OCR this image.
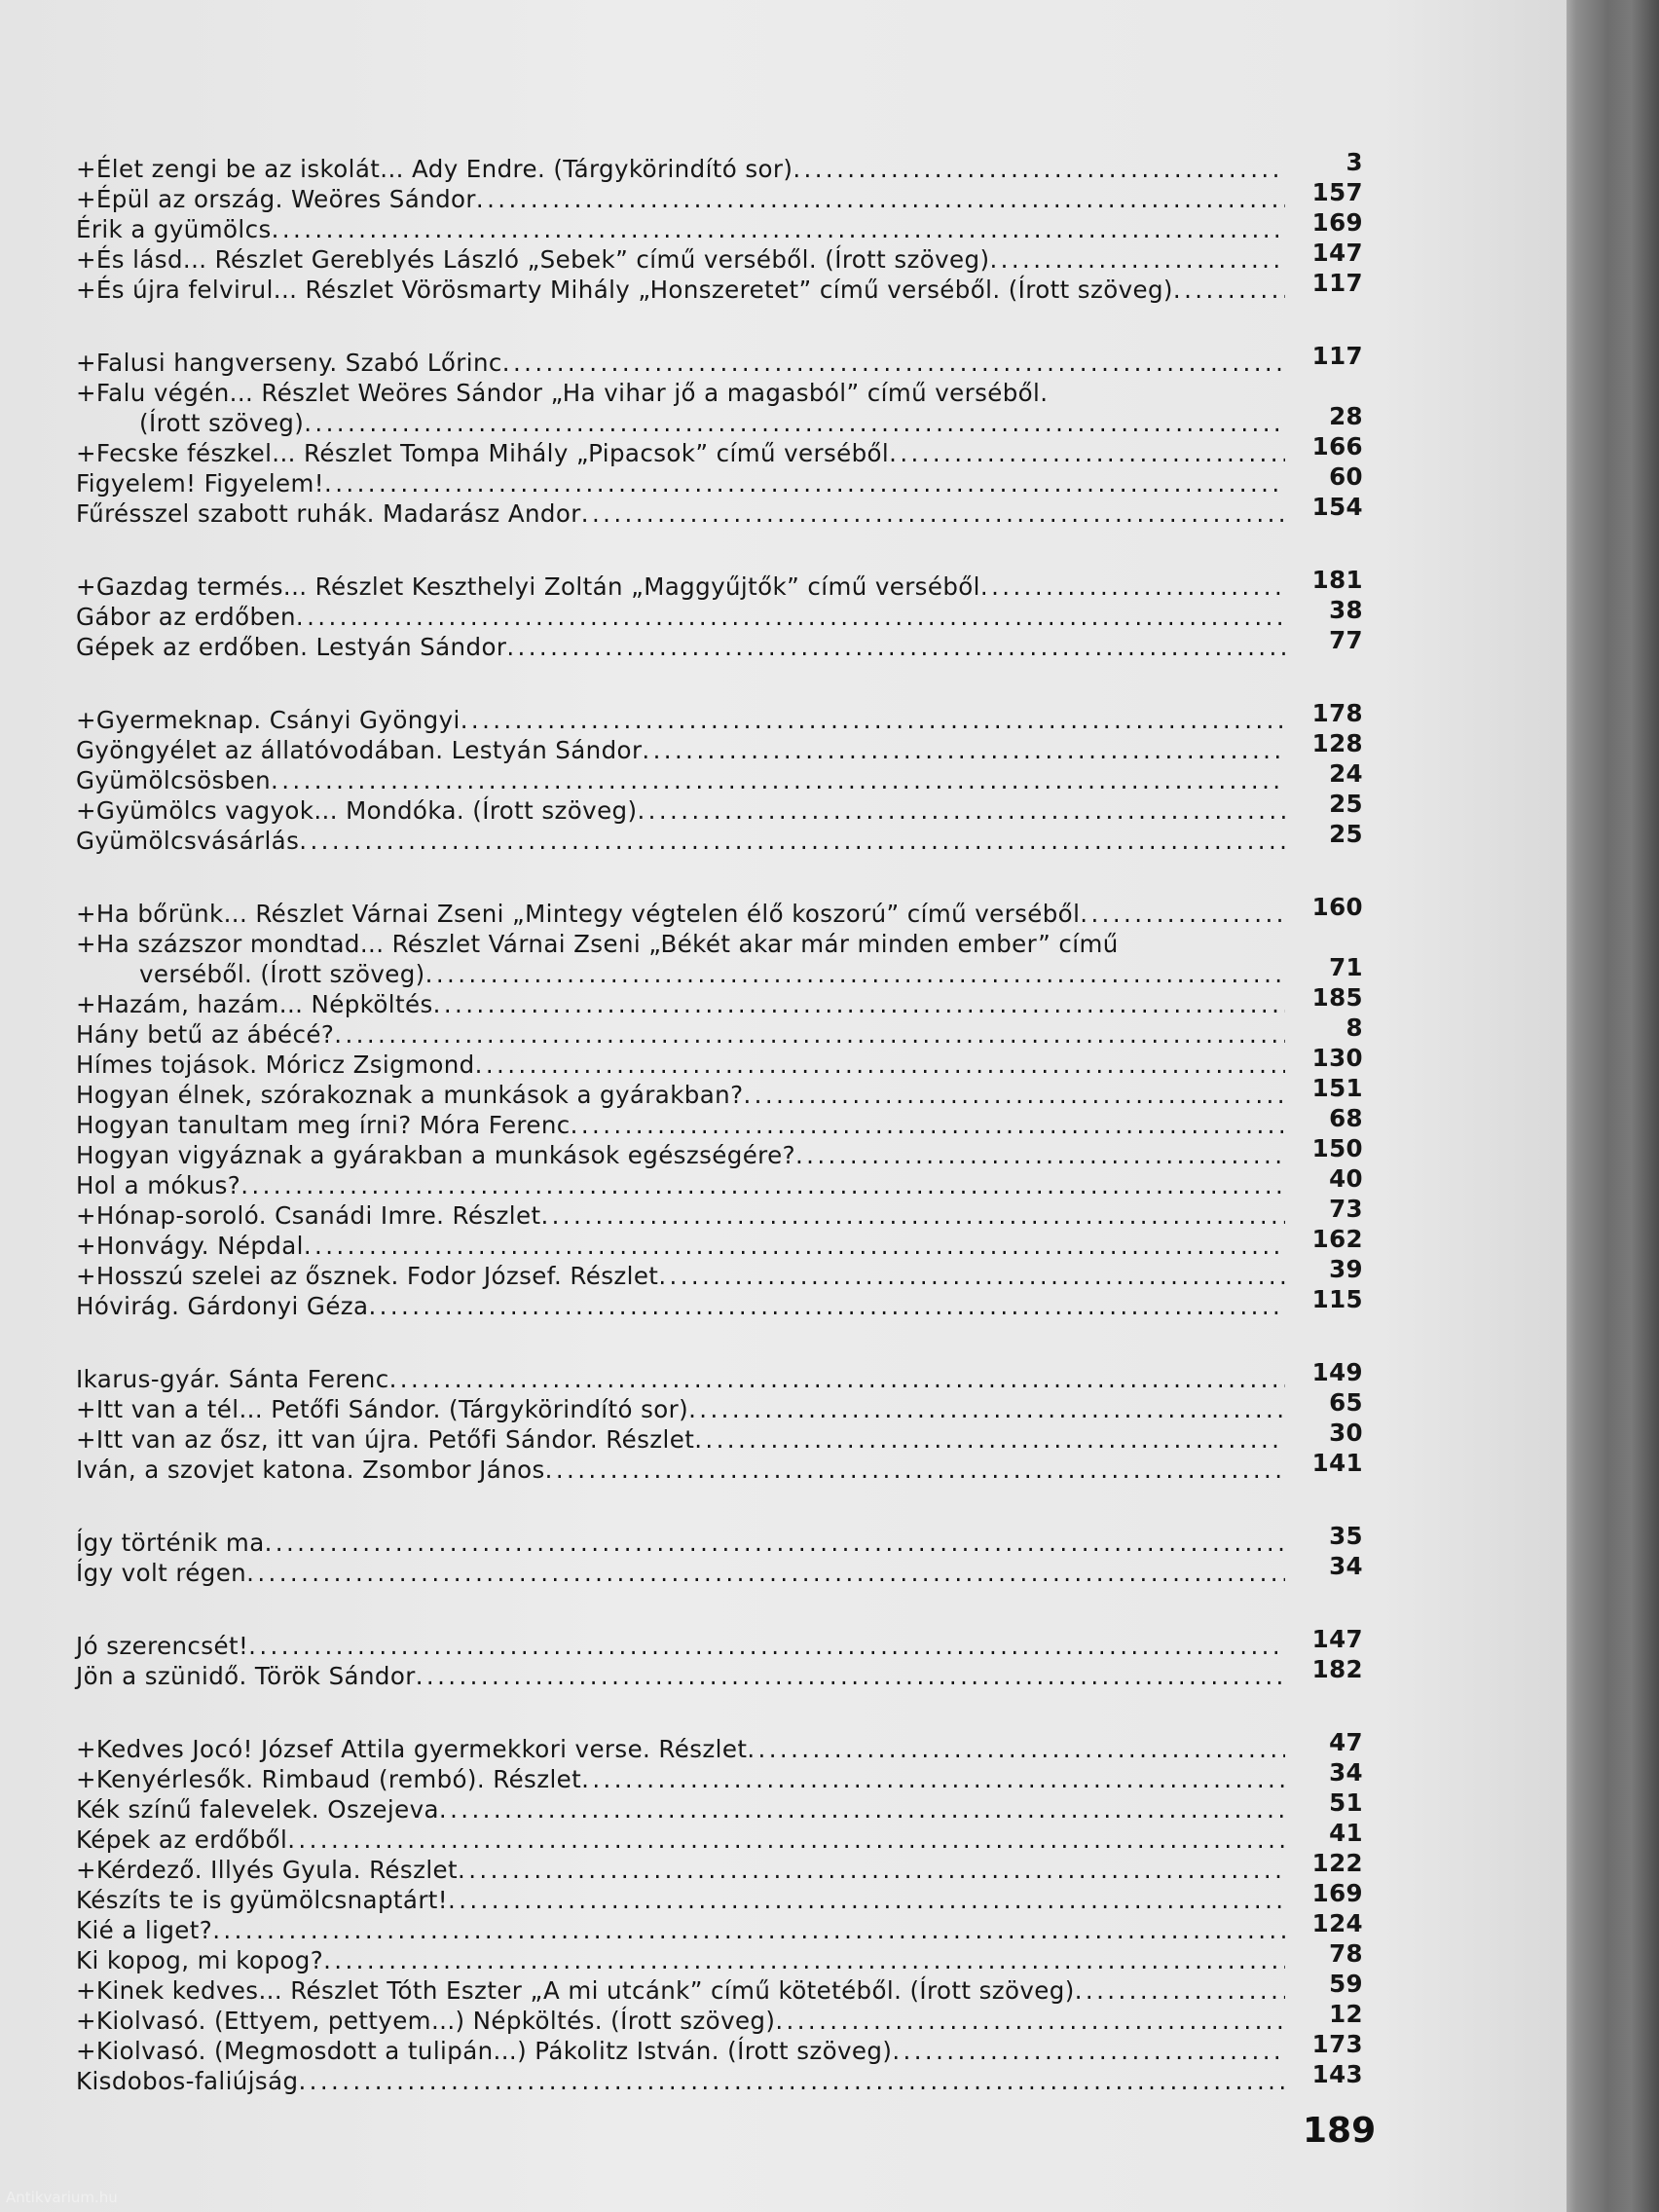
+Élet zengi be az iskolát... Ady Endre. (Tárgykörindító sor) .....	3
+Épül az ország. Weöres Sándor .....	157
Érik a gyümölcs .....	169
+És lásd... Részlet Gereblyés László „Sebek” című verséből. (Írott szöveg) .....	147
+És újra felvirul... Részlet Vörösmarty Mihály „Honszeretet” című verséből. (Írott szöveg) .....	117
+Falusi hangverseny. Szabó Lőrinc .....	117
+Falu végén... Részlet Weöres Sándor „Ha vihar jő a magasból” című verséből.
(Írott szöveg) .....	28
+Fecske fészkel... Részlet Tompa Mihály „Pipacsok” című verséből .....	166
Figyelem! Figyelem! .....	60
Fűrésszel szabott ruhák. Madarász Andor .....	154
+Gazdag termés... Részlet Keszthelyi Zoltán „Maggyűjtők” című verséből .....	181
Gábor az erdőben .....	38
Gépek az erdőben. Lestyán Sándor .....	77
+Gyermeknap. Csányi Gyöngyi .....	178
Gyöngyélet az állatóvodában. Lestyán Sándor .....	128
Gyümölcsösben .....	24
+Gyümölcs vagyok... Mondóka. (Írott szöveg) .....	25
Gyümölcsvásárlás .....	25
+Ha bőrünk... Részlet Várnai Zseni „Mintegy végtelen élő koszorú” című verséből .....	160
+Ha százszor mondtad... Részlet Várnai Zseni „Békét akar már minden ember” című
verséből. (Írott szöveg) .....	71
+Hazám, hazám... Népköltés .....	185
Hány betű az ábécé? .....	8
Hímes tojások. Móricz Zsigmond .....	130
Hogyan élnek, szórakoznak a munkások a gyárakban? .....	151
Hogyan tanultam meg írni? Móra Ferenc .....	68
Hogyan vigyáznak a gyárakban a munkások egészségére? .....	150
Hol a mókus? .....	40
+Hónap-soroló. Csanádi Imre. Részlet .....	73
+Honvágy. Népdal .....	162
+Hosszú szelei az ősznek. Fodor József. Részlet .....	39
Hóvirág. Gárdonyi Géza .....	115
Ikarus-gyár. Sánta Ferenc .....	149
+Itt van a tél... Petőfi Sándor. (Tárgykörindító sor) .....	65
+Itt van az ősz, itt van újra. Petőfi Sándor. Részlet .....	30
Iván, a szovjet katona. Zsombor János .....	141
Így történik ma .....	35
Így volt régen .....	34
Jó szerencsét! .....	147
Jön a szünidő. Török Sándor .....	182
+Kedves Jocó! József Attila gyermekkori verse. Részlet .....	47
+Kenyérlesők. Rimbaud (rembó). Részlet .....	34
Kék színű falevelek. Oszejeva .....	51
Képek az erdőből .....	41
+Kérdező. Illyés Gyula. Részlet .....	122
Készíts te is gyümölcsnaptárt! .....	169
Kié a liget? .....	124
Ki kopog, mi kopog? .....	78
+Kinek kedves... Részlet Tóth Eszter „A mi utcánk” című kötetéből. (Írott szöveg) .....	59
+Kiolvasó. (Ettyem, pettyem...) Népköltés. (Írott szöveg) .....	12
+Kiolvasó. (Megmosdott a tulipán...) Pákolitz István. (Írott szöveg) .....	173
Kisdobos-faliújság .....	143
189
Antikvarium.hu
